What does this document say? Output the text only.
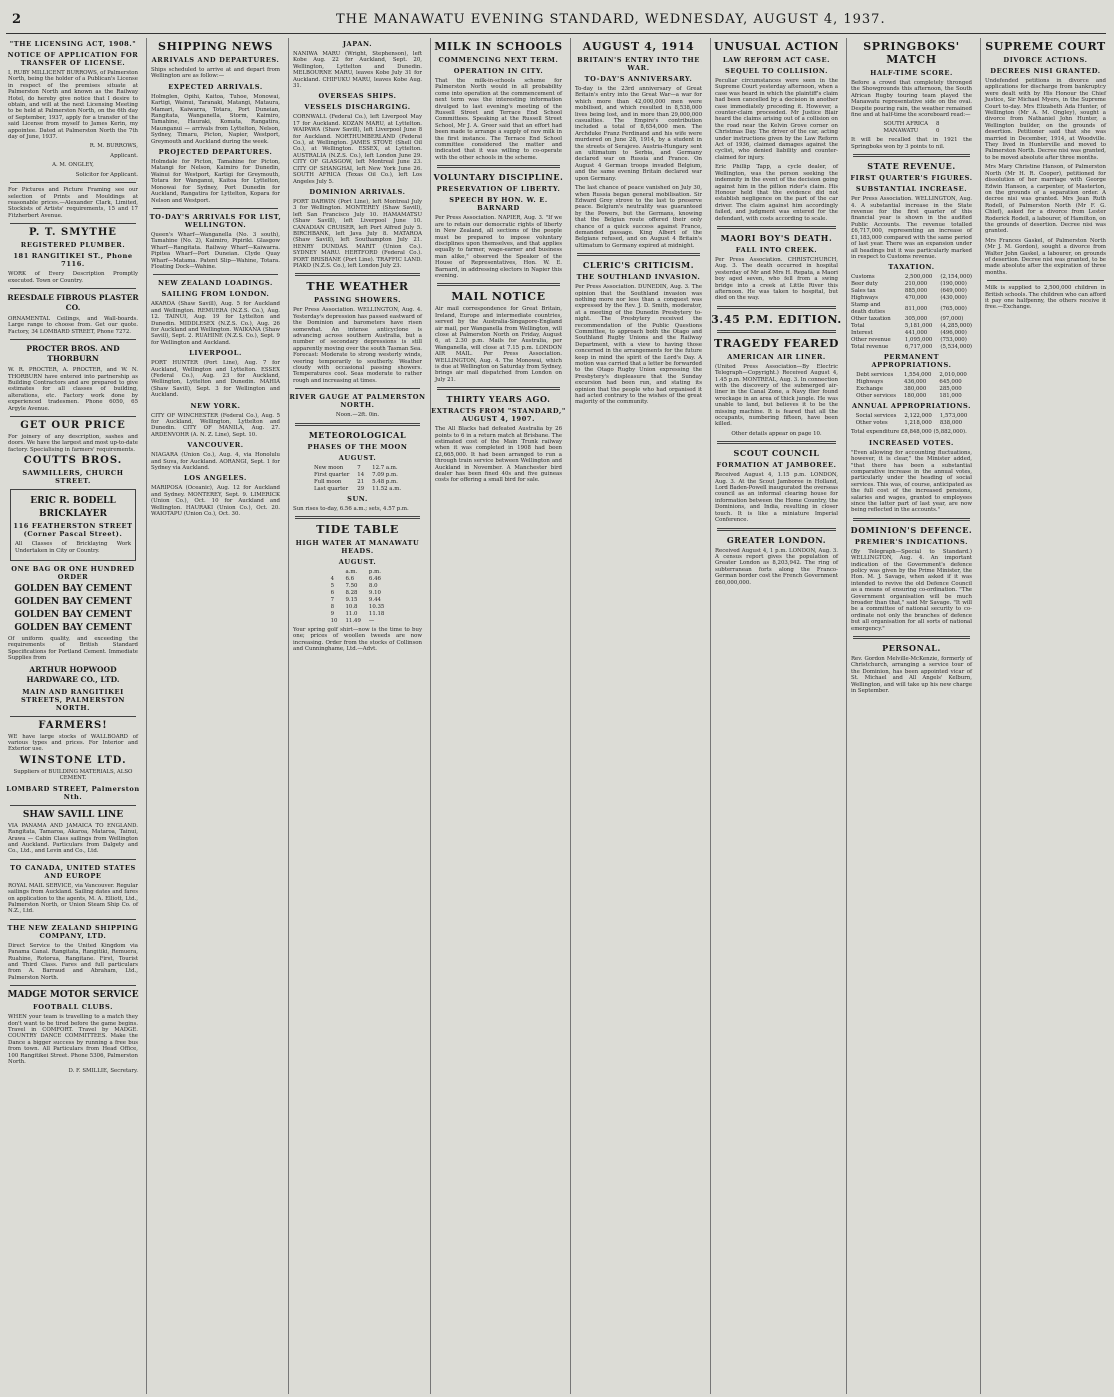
2	THE MANAWATU EVENING STANDARD, WEDNESDAY, AUGUST 4, 1937.
"THE LICENSING ACT, 1908."
NOTICE OF APPLICATION FOR TRANSFER OF LICENSE.
I, RUBY MILLICENT BURROWS, of Palmerston North, being the holder of a Publican's License in respect of the premises situate at Palmerston North and known as the Railway Hotel, do hereby give notice that I desire to obtain, and will at the next Licensing Meeting to be held at Palmerston North, on the 6th day of September, 1937, apply for a transfer of the said License from myself to James Kerin, my appointee. Dated at Palmerston North the 7th day of June, 1937.
R. M. BURROWS,
Applicant.
A. M. ONGLEY,
Solicitor for Applicant.
For Pictures and Picture Framing see our selection of Prints and Mouldings at reasonable prices.—Alexander Clark, Limited, Stockists of Artists' requirements, 15 and 17 Fitzherbert Avenue.
P. T. SMYTHE
REGISTERED PLUMBER.
181 RANGITIKEI ST., Phone 7116.
WORK of Every Description Promptly executed. Town or Country.
REESDALE FIBROUS PLASTER CO.
ORNAMENTAL Ceilings, and Wall-boards. Large range to choose from. Get our quote. Factory, 34 LOMBARD STREET, Phone 7272.
PROCTER BROS. AND THORBURN
W. R. PROCTER, A. PROCTER, and W. N. THORBURN have entered into partnership as Building Contractors and are prepared to give estimates for all classes of building, alterations, etc. Factory work done by experienced tradesmen. Phone 6050, 65 Argyle Avenue.
GET OUR PRICE
For joinery of any description, sashes and doors. We have the largest and most up-to-date factory. Specialising in farmers' requirements.
COUTTS BROS.
SAWMILLERS, CHURCH STREET.
ERIC R. BODELL
BRICKLAYER
116 FEATHERSTON STREET (Corner Pascal Street).
All Classes of Bricklaying Work Undertaken in City or Country.
ONE BAG OR ONE HUNDRED ORDER
GOLDEN BAY CEMENT
GOLDEN BAY CEMENT
GOLDEN BAY CEMENT
GOLDEN BAY CEMENT
Of uniform quality, and exceeding the requirements of British Standard Specifications for Portland Cement. Immediate Supplies from
ARTHUR HOPWOOD HARDWARE CO., LTD.
MAIN AND RANGITIKEI STREETS, PALMERSTON NORTH.
FARMERS!
WE have large stocks of WALLBOARD of various types and prices. For Interior and Exterior use.
WINSTONE LTD.
Suppliers of BUILDING MATERIALS, ALSO CEMENT.
LOMBARD STREET, Palmerston Nth.
SHAW SAVILL LINE
VIA PANAMA AND JAMAICA TO ENGLAND. Rangitata, Tamaroa, Akaroa, Mataroa, Tainui, Arawa — Cabin Class sailings from Wellington and Auckland. Particulars from Dalgety and Co., Ltd., and Levin and Co., Ltd.
TO CANADA, UNITED STATES AND EUROPE
ROYAL MAIL SERVICE, via Vancouver. Regular sailings from Auckland. Sailing dates and fares on application to the agents, M. A. Elliott, Ltd., Palmerston North, or Union Steam Ship Co. of N.Z., Ltd.
THE NEW ZEALAND SHIPPING COMPANY, LTD.
Direct Service to the United Kingdom via Panama Canal. Rangitata, Rangitiki, Remuera, Ruahine, Rotorua, Rangitane. First, Tourist and Third Class. Fares and full particulars from A. Barraud and Abraham, Ltd., Palmerston North.
MADGE MOTOR SERVICE
FOOTBALL CLUBS.
WHEN your team is travelling to a match they don't want to be tired before the game begins. Travel in COMFORT. Travel by MADGE. COUNTRY DANCE COMMITTEES. Make the Dance a bigger success by running a free bus from town. All Particulars from Head Office, 100 Rangitikei Street. Phone 5306, Palmerston North.
D. F. SMILLIE, Secretary.
SHIPPING NEWS
ARRIVALS AND DEPARTURES.
Ships scheduled to arrive at and depart from Wellington are as follow:—
EXPECTED ARRIVALS.
Holmglen, Opihi, Kaitoa, Tuhoe, Monowai, Kartigi, Wainui, Taranaki, Matangi, Mataura, Mamari, Kaiwarra, Totara, Port Duneian, Rangitata, Wanganella, Storm, Kaimiro, Tamahine, Hauraki, Komata, Rangatira, Maunganui — arrivals from Lyttelton, Nelson, Sydney, Timaru, Picton, Napier, Westport, Greymouth and Auckland during the week.
PROJECTED DEPARTURES.
Holmdale for Picton, Tamahine for Picton, Matangi for Nelson, Kaimiro for Dunedin, Wainui for Westport, Kartigi for Greymouth, Totara for Wanganui, Kaitoa for Lyttelton, Monowai for Sydney, Port Dunedin for Auckland, Rangatira for Lyttelton, Kopara for Nelson and Westport.
TO-DAY'S ARRIVALS FOR LIST, WELLINGTON.
Queen's Wharf—Wanganella (No. 3 south), Tamahine (No. 2), Kaimiro, Pipiriki. Glasgow Wharf—Rangitata. Railway Wharf—Kaiwarra. Pipitea Wharf—Port Duneian. Clyde Quay Wharf—Matama. Patent Slip—Wahine, Totara. Floating Dock—Wahine.
NEW ZEALAND LOADINGS.
SAILING FROM LONDON.
AKAROA (Shaw Savill), Aug. 5 for Auckland and Wellington. REMUERA (N.Z.S. Co.), Aug. 12. TAINUI, Aug. 19 for Lyttelton and Dunedin. MIDDLESEX (N.Z.S. Co.), Aug. 26 for Auckland and Wellington. WAIKANA (Shaw Savill), Sept. 2. RUAHINE (N.Z.S. Co.), Sept. 9 for Wellington and Auckland.
LIVERPOOL.
PORT HUNTER (Port Line), Aug. 7 for Auckland, Wellington and Lyttelton. ESSEX (Federal Co.), Aug. 23 for Auckland, Wellington, Lyttelton and Dunedin. MAHIA (Shaw Savill), Sept. 3 for Wellington and Auckland.
NEW YORK.
CITY OF WINCHESTER (Federal Co.), Aug. 5 for Auckland, Wellington, Lyttelton and Dunedin. CITY OF MANILA, Aug. 27. ARDENVOHR (A. N. Z. Line), Sept. 10.
VANCOUVER.
NIAGARA (Union Co.), Aug. 4, via Honolulu and Suva, for Auckland. AORANGI, Sept. 1 for Sydney via Auckland.
LOS ANGELES.
MARIPOSA (Oceanic), Aug. 12 for Auckland and Sydney. MONTEREY, Sept. 9. LIMERICK (Union Co.), Oct. 10 for Auckland and Wellington. HAURAKI (Union Co.), Oct. 20. WAIOTAPU (Union Co.), Oct. 30.
JAPAN.
NANIWA MARU (Wright, Stephenson), left Kobe Aug. 22 for Auckland, Sept. 20, Wellington, Lyttelton and Dunedin. MELBOURNE MARU, leaves Kobe July 31 for Auckland. CHIFUKU MARU, leaves Kobe Aug. 31.
OVERSEAS SHIPS.
VESSELS DISCHARGING.
CORNWALL (Federal Co.), left Liverpool May 17 for Auckland. KOZAN MARU, at Lyttelton. WAIPAWA (Shaw Savill), left Liverpool June 8 for Auckland. NORTHUMBERLAND (Federal Co.), at Wellington. JAMES STOVE (Shell Oil Co.), at Wellington. ESSEX, at Lyttelton. AUSTRALIA (N.Z.S. Co.), left London June 29. CITY OF GLASGOW, left Montreal June 23. CITY OF SHANGHAI, left New York June 26. SOUTH AFRICA (Texas Oil Co.), left Los Angeles July 5.
DOMINION ARRIVALS.
PORT DARWIN (Port Line), left Montreal July 3 for Wellington. MONTEREY (Shaw Savill), left San Francisco July 10. HAMAMATSU (Shaw Savill), left Liverpool June 10. CANADIAN CRUISER, left Port Alfred July 5. BIRCHBANK, left Java July 8. MATAROA (Shaw Savill), left Southampton July 21. HENRY DUNDAS. MARIT (Union Co.). SYDNEY MARU. HERTFORD (Federal Co.). PORT BRISBANE (Port Line). TRAFFIC LAND. PIAKO (N.Z.S. Co.), left London July 23.
THE WEATHER
PASSING SHOWERS.
Per Press Association. WELLINGTON, Aug. 4. Yesterday's depression has passed eastward of the Dominion and barometers have risen somewhat. An intense anticyclone is advancing across southern Australia, but a number of secondary depressions is still apparently moving over the south Tasman Sea. Forecast: Moderate to strong westerly winds, veering temporarily to southerly. Weather cloudy with occasional passing showers. Temperatures cool. Seas moderate to rather rough and increasing at times.
RIVER GAUGE AT PALMERSTON NORTH.
Noon.—2ft. 0in.
METEOROLOGICAL
PHASES OF THE MOON
AUGUST.
New moon	7	12.7 a.m.
First quarter	14	7.09 p.m.
Full moon	21	5.48 p.m.
Last quarter	29	11.52 a.m.
SUN.
Sun rises to-day, 6.56 a.m.; sets, 4.57 p.m.
TIDE TABLE
HIGH WATER AT MANAWATU HEADS.
AUGUST.
	a.m.	p.m.
4	6.6	6.46
5	7.50	8.0
6	8.28	9.10
7	9.15	9.44
8	10.8	10.35
9	11.0	11.18
10	11.49	—
Your spring golf shirt—now is the time to buy one; prices of woollen tweeds are now increasing. Order from the stocks of Collinson and Cunninghame, Ltd.—Advt.
MILK IN SCHOOLS
COMMENCING NEXT TERM.
OPERATION IN CITY.
That the milk-in-schools scheme for Palmerston North would in all probability come into operation at the commencement of next term was the interesting information divulged to last evening's meeting of the Russell Street and Terrace End School Committees. Speaking at the Russell Street School, Mr J. A. Greer said that an effort had been made to arrange a supply of raw milk in the first instance. The Terrace End School committee considered the matter and indicated that it was willing to co-operate with the other schools in the scheme.
VOLUNTARY DISCIPLINE.
PRESERVATION OF LIBERTY.
SPEECH BY HON. W. E. BARNARD
Per Press Association. NAPIER, Aug. 3. "If we are to retain our democratic rights of liberty in New Zealand, all sections of the people must be prepared to impose voluntary disciplines upon themselves, and that applies equally to farmer, wage-earner and business man alike," observed the Speaker of the House of Representatives, Hon. W. E. Barnard, in addressing electors in Napier this evening.
MAIL NOTICE
Air mail correspondence for Great Britain, Ireland, Europe and intermediate countries, served by the Australia-Singapore-England air mail, per Wanganella from Wellington, will close at Palmerston North on Friday, August 6, at 2.30 p.m. Mails for Australia, per Wanganella, will close at 7.15 p.m. LONDON AIR MAIL. Per Press Association. WELLINGTON, Aug. 4. The Monowai, which is due at Wellington on Saturday from Sydney, brings air mail dispatched from London on July 21.
THIRTY YEARS AGO.
EXTRACTS FROM "STANDARD," AUGUST 4, 1907.
The All Blacks had defeated Australia by 26 points to 6 in a return match at Brisbane. The estimated cost of the Main Trunk railway when it was completed in 1908 had been £2,665,000. It had been arranged to run a through train service between Wellington and Auckland in November. A Manchester bird dealer has been fined 40s and five guineas costs for offering a small bird for sale.
AUGUST 4, 1914
BRITAIN'S ENTRY INTO THE WAR.
TO-DAY'S ANNIVERSARY.
To-day is the 23rd anniversary of Great Britain's entry into the Great War—a war for which more than 42,000,000 men were mobilised, and which resulted in 8,538,000 lives being lost, and in more than 29,000,000 casualties. The Empire's contribution included a total of 8,654,000 men. The Archduke Franz Ferdinand and his wife were murdered on June 28, 1914, by a student in the streets of Serajevo. Austria-Hungary sent an ultimatum to Serbia, and Germany declared war on Russia and France. On August 4 German troops invaded Belgium, and the same evening Britain declared war upon Germany.
The last chance of peace vanished on July 30, when Russia began general mobilisation. Sir Edward Grey strove to the last to preserve peace. Belgium's neutrality was guaranteed by the Powers, but the Germans, knowing that the Belgian route offered their only chance of a quick success against France, demanded passage. King Albert of the Belgians refused, and on August 4 Britain's ultimatum to Germany expired at midnight.
CLERIC'S CRITICISM.
THE SOUTHLAND INVASION.
Per Press Association. DUNEDIN, Aug. 3. The opinion that the Southland invasion was nothing more nor less than a conquest was expressed by the Rev. J. D. Smith, moderator, at a meeting of the Dunedin Presbytery to-night. The Presbytery received the recommendation of the Public Questions Committee, to approach both the Otago and Southland Rugby Unions and the Railway Department, with a view to having those concerned in the arrangements for the future keep in mind the spirit of the Lord's Day. A motion was carried that a letter be forwarded to the Otago Rugby Union expressing the Presbytery's displeasure that the Sunday excursion had been run, and stating its opinion that the people who had organised it had acted contrary to the wishes of the great majority of the community.
UNUSUAL ACTION
LAW REFORM ACT CASE.
SEQUEL TO COLLISION.
Peculiar circumstances were seen in the Supreme Court yesterday afternoon, when a case was heard in which the plaintiff's claim had been cancelled by a decision in another case immediately preceding it. However, a counter-claim proceeded. Mr Justice Blair heard the claims arising out of a collision on the road near the Kelvin Grove corner on Christmas Day. The driver of the car, acting under instructions given by the Law Reform Act of 1936, claimed damages against the cyclist, who denied liability and counter-claimed for injury.
Eric Phillip Tapp, a cycle dealer, of Wellington, was the person seeking the indemnity in the event of the decision going against him in the pillion rider's claim. His Honour held that the evidence did not establish negligence on the part of the car driver. The claim against him accordingly failed, and judgment was entered for the defendant, with costs according to scale.
MAORI BOY'S DEATH.
FALL INTO CREEK.
Per Press Association. CHRISTCHURCH, Aug. 3. The death occurred in hospital yesterday of Mr and Mrs H. Repata, a Maori boy aged seven, who fell from a swing bridge into a creek at Little River this afternoon. He was taken to hospital, but died on the way.
3.45 P.M. EDITION.
TRAGEDY FEARED
AMERICAN AIR LINER.
(United Press Association—By Electric Telegraph—Copyright.) Received August 4, 1.45 p.m. MONTREAL, Aug. 3. In connection with the discovery of the submerged air-liner in the Canal Zone, a Navy flier found wreckage in an area of thick jungle. He was unable to land, but believes it to be the missing machine. It is feared that all the occupants, numbering fifteen, have been killed.
Other details appear on page 10.
SCOUT COUNCIL
FORMATION AT JAMBOREE.
Received August 4, 1.15 p.m. LONDON, Aug. 3. At the Scout Jamboree in Holland, Lord Baden-Powell inaugurated the overseas council as an informal clearing house for information between the Home Country, the Dominions, and India, resulting in closer touch. It is like a miniature Imperial Conference.
GREATER LONDON.
Received August 4, 1 p.m. LONDON, Aug. 3. A census report gives the population of Greater London as 8,203,942. The ring of subterranean forts along the Franco-German border cost the French Government £60,000,000.
SPRINGBOKS' MATCH
HALF-TIME SCORE.
Before a crowd that completely thronged the Showgrounds this afternoon, the South African Rugby touring team played the Manawatu representative side on the oval. Despite pouring rain, the weather remained fine and at half-time the scoreboard read:—
SOUTH AFRICA	8
MANAWATU	0
It will be recalled that in 1921 the Springboks won by 3 points to nil.
STATE REVENUE.
FIRST QUARTER'S FIGURES.
SUBSTANTIAL INCREASE.
Per Press Association. WELLINGTON, Aug. 4. A substantial increase in the State revenue for the first quarter of this financial year is shown in the audited Public Accounts. The revenue totalled £6,717,000, representing an increase of £1,183,000 compared with the same period of last year. There was an expansion under all headings but it was particularly marked in respect to Customs revenue.
TAXATION.
Customs	2,500,000	(2,154,000)
Beer duty	210,000	(190,000)
Sales tax	885,000	(649,000)
Highways	470,000	(430,000)
Stamp and death duties	811,000	(765,000)
Other taxation	305,000	(97,000)
Total	5,181,000	(4,285,000)
Interest	441,000	(496,000)
Other revenue	1,095,000	(753,000)
Total revenue	6,717,000	(5,534,000)
PERMANENT APPROPRIATIONS.
Debt services	1,554,000	2,010,000
Highways	436,000	645,000
Exchange	380,000	285,000
Other services	180,000	181,000
ANNUAL APPROPRIATIONS.
Social services	2,122,000	1,573,000
Other votes	1,218,000	838,000
Total expenditure £8,848,000 (5,882,000).
INCREASED VOTES.
"Even allowing for accounting fluctuations, however, it is clear," the Minister added, "that there has been a substantial comparative increase in the annual votes, particularly under the heading of social services. This was, of course, anticipated as the full cost of the increased pensions, salaries and wages, granted to employees since the latter part of last year, are now being reflected in the accounts."
DOMINION'S DEFENCE.
PREMIER'S INDICATIONS.
(By Telegraph—Special to Standard.) WELLINGTON, Aug. 4. An important indication of the Government's defence policy was given by the Prime Minister, the Hon. M. J. Savage, when asked if it was intended to revive the old Defence Council as a means of ensuring co-ordination. "The Government organisation will be much broader than that," said Mr Savage. "It will be a committee of national security to co-ordinate not only the branches of defence but all organisation for all sorts of national emergency."
PERSONAL.
Rev. Gordon Melville-McKenzie, formerly of Christchurch, arranging a service tour of the Dominion, has been appointed vicar of St. Michael and All Angels' Kelburn, Wellington, and will take up his new charge in September.
SUPREME COURT
DIVORCE ACTIONS.
DECREES NISI GRANTED.
Undefended petitions in divorce and applications for discharge from bankruptcy were dealt with by His Honour the Chief Justice, Sir Michael Myers, in the Supreme Court to-day. Mrs Elizabeth Ada Hunter, of Wellington (Mr A. M. Ongley), sought a divorce from Nathaniel John Hunter, a Wellington builder, on the grounds of desertion. Petitioner said that she was married in December, 1914, at Woodville. They lived in Hunterville and moved to Palmerston North. Decree nisi was granted, to be moved absolute after three months.
Mrs Mary Christine Hanson, of Palmerston North (Mr H. R. Cooper), petitioned for dissolution of her marriage with George Edwin Hanson, a carpenter, of Masterton, on the grounds of a separation order. A decree nisi was granted. Mrs Jean Ruth Rodell, of Palmerston North (Mr F. G. Chief), asked for a divorce from Lester Roderick Rodell, a labourer, of Hamilton, on the grounds of desertion. Decree nisi was granted.
Mrs Frances Gaskel, of Palmerston North (Mr J. M. Gordon), sought a divorce from Walter John Gaskel, a labourer, on grounds of desertion. Decree nisi was granted, to be made absolute after the expiration of three months.
Milk is supplied to 2,500,000 children in British schools. The children who can afford it pay one halfpenny, the others receive it free.—Exchange.
